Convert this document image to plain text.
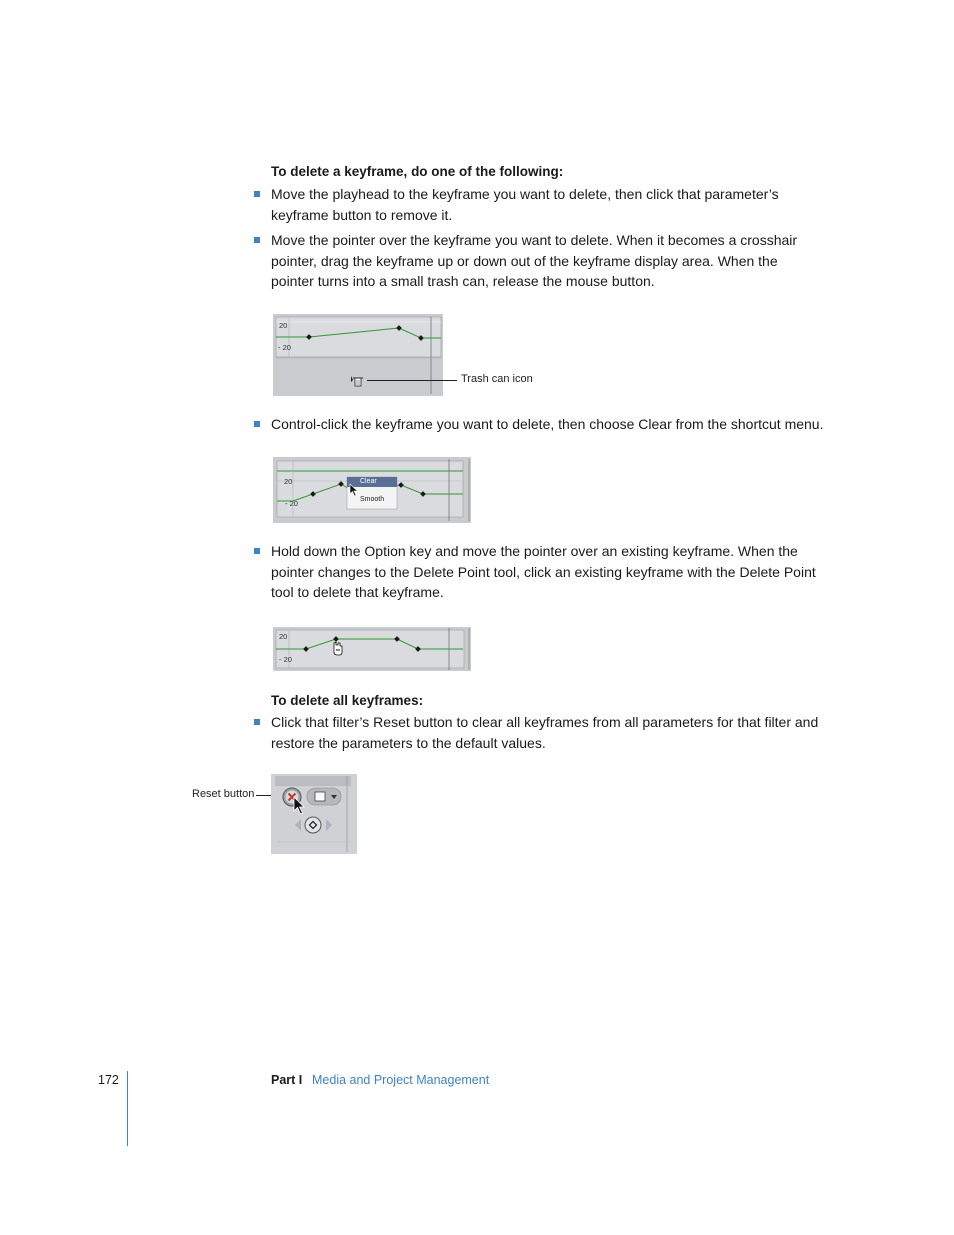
To delete a keyframe, do one of the following:
Move the playhead to the keyframe you want to delete, then click that parameter’s keyframe button to remove it.
Move the pointer over the keyframe you want to delete. When it becomes a crosshair pointer, drag the keyframe up or down out of the keyframe display area. When the pointer turns into a small trash can, release the mouse button.
20
- 20
Trash can icon
Control-click the keyframe you want to delete, then choose Clear from the shortcut menu.
20
- 20
Clear
Smooth
Hold down the Option key and move the pointer over an existing keyframe. When the pointer changes to the Delete Point tool, click an existing keyframe with the Delete Point tool to delete that keyframe.
20
- 20
To delete all keyframes:
Click that filter’s Reset button to clear all keyframes from all parameters for that filter and restore the parameters to the default values.
Reset button
172	Part I Media and Project Management
